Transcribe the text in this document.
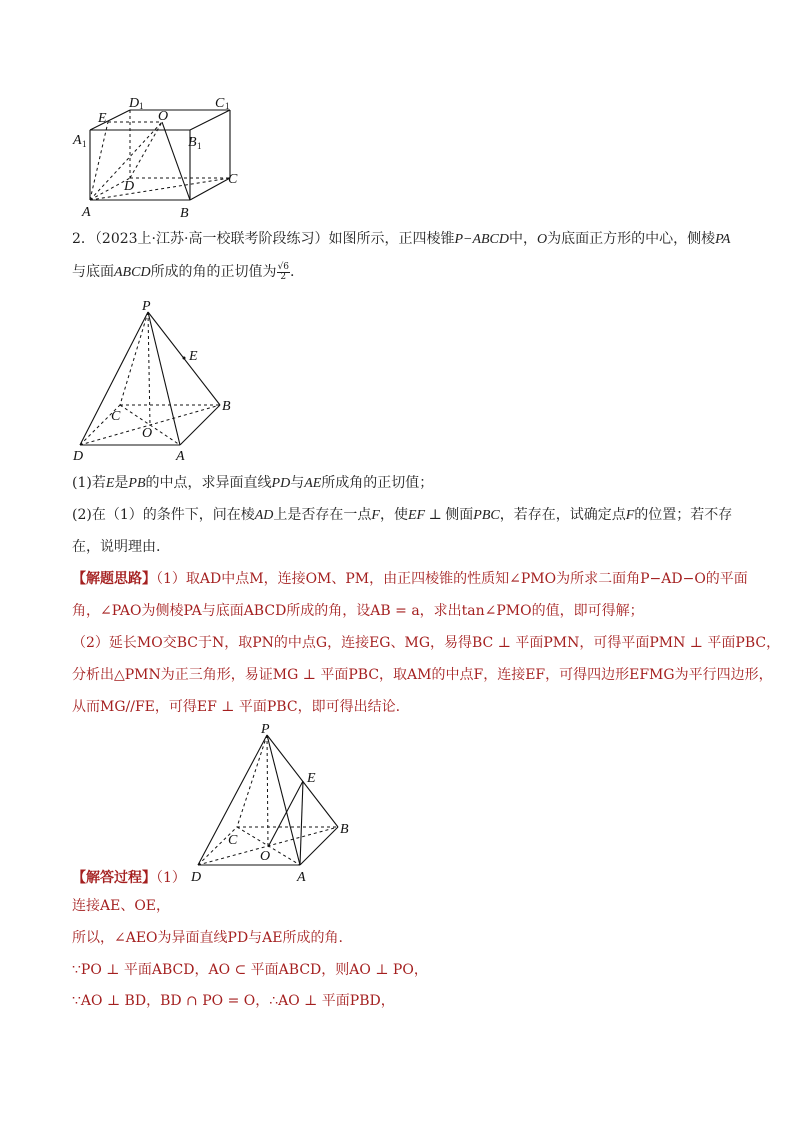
D 1	C 1
A 1	B 1
E	O
D	C
A	B
2．（2023上·江苏·高一校联考阶段练习）如图所示，正四棱锥P−ABCD中，O为底面正方形的中心，侧棱PA
与底面ABCD所成的角的正切值为 $\frac{√6}{2}$ .
P
E
C
B
O
D	A
(1)若E是PB的中点，求异面直线PD与AE所成角的正切值；
(2)在（1）的条件下，问在棱AD上是否存在一点F，使EF ⊥ 侧面PBC，若存在，试确定点F的位置；若不存
在，说明理由.
【解题思路】（1）取AD中点M，连接OM、PM，由正四棱锥的性质知∠PMO为所求二面角P−AD−O的平面
角，∠PAO为侧棱PA与底面ABCD所成的角，设AB = a，求出tan∠PMO的值，即可得解；
（2）延长MO交BC于N，取PN的中点G，连接EG、MG，易得BC ⊥ 平面PMN，可得平面PMN ⊥ 平面PBC，
分析出△PMN为正三角形，易证MG ⊥ 平面PBC，取AM的中点F，连接EF，可得四边形EFMG为平行四边形，
从而MG//FE，可得EF ⊥ 平面PBC，即可得出结论.
P
E
B
C
O
D	A
【解答过程】（1）
连接AE、OE，
所以，∠AEO为异面直线PD与AE所成的角.
∵PO ⊥ 平面ABCD，AO ⊂ 平面ABCD，则AO ⊥ PO，
∵AO ⊥ BD，BD ∩ PO = O，∴AO ⊥ 平面PBD，
